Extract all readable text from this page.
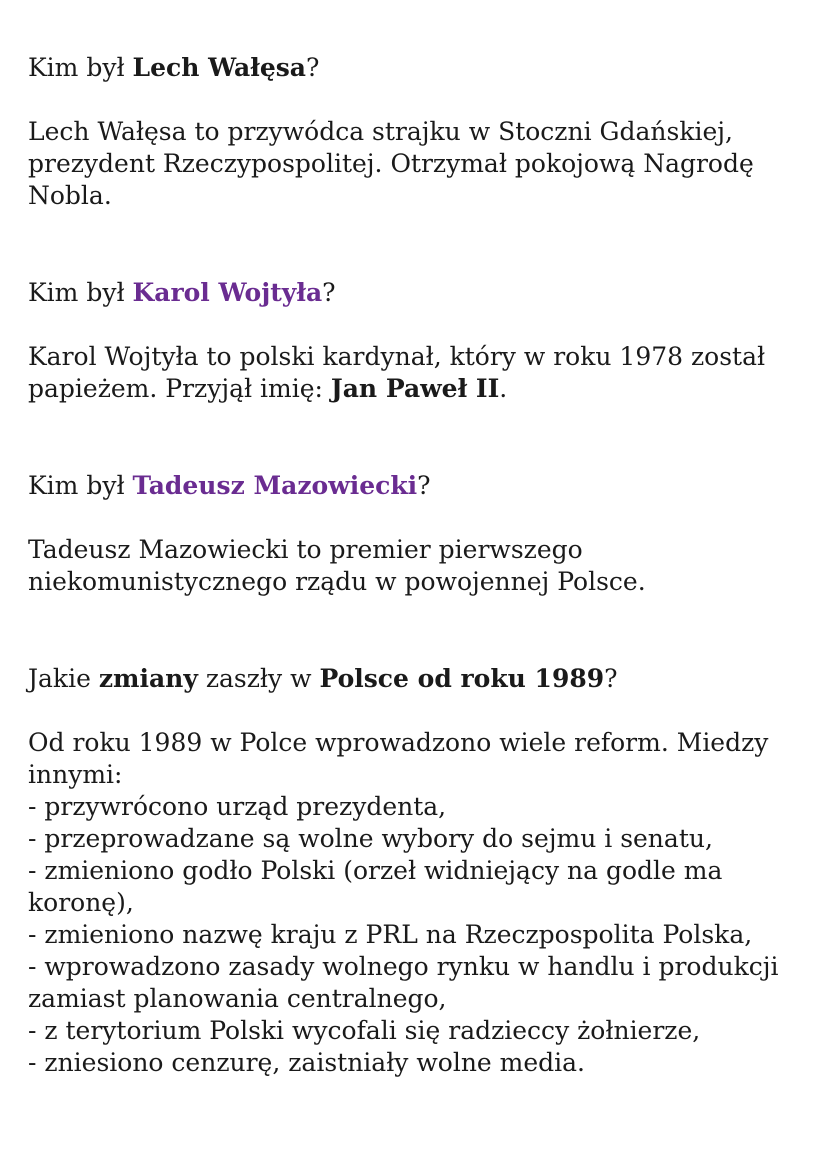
Kim był Lech Wałęsa?

Lech Wałęsa to przywódca strajku w Stoczni Gdańskiej, prezydent Rzeczypospolitej. Otrzymał pokojową Nagrodę Nobla.

Kim był Karol Wojtyła?

Karol Wojtyła to polski kardynał, który w roku 1978 został papieżem. Przyjął imię: Jan Paweł II.

Kim był Tadeusz Mazowiecki?

Tadeusz Mazowiecki to premier pierwszego niekomunistycznego rządu w powojennej Polsce.

Jakie zmiany zaszły w Polsce od roku 1989?

Od roku 1989 w Polce wprowadzono wiele reform. Miedzy innymi:

- przywrócono urząd prezydenta,
- przeprowadzane są wolne wybory do sejmu i senatu,
- zmieniono godło Polski (orzeł widniejący na godle ma koronę),
- zmieniono nazwę kraju z PRL na Rzeczpospolita Polska,
- wprowadzono zasady wolnego rynku w handlu i produkcji zamiast planowania centralnego,
- z terytorium Polski wycofali się radzieccy żołnierze,
- zniesiono cenzurę, zaistniały wolne media.
